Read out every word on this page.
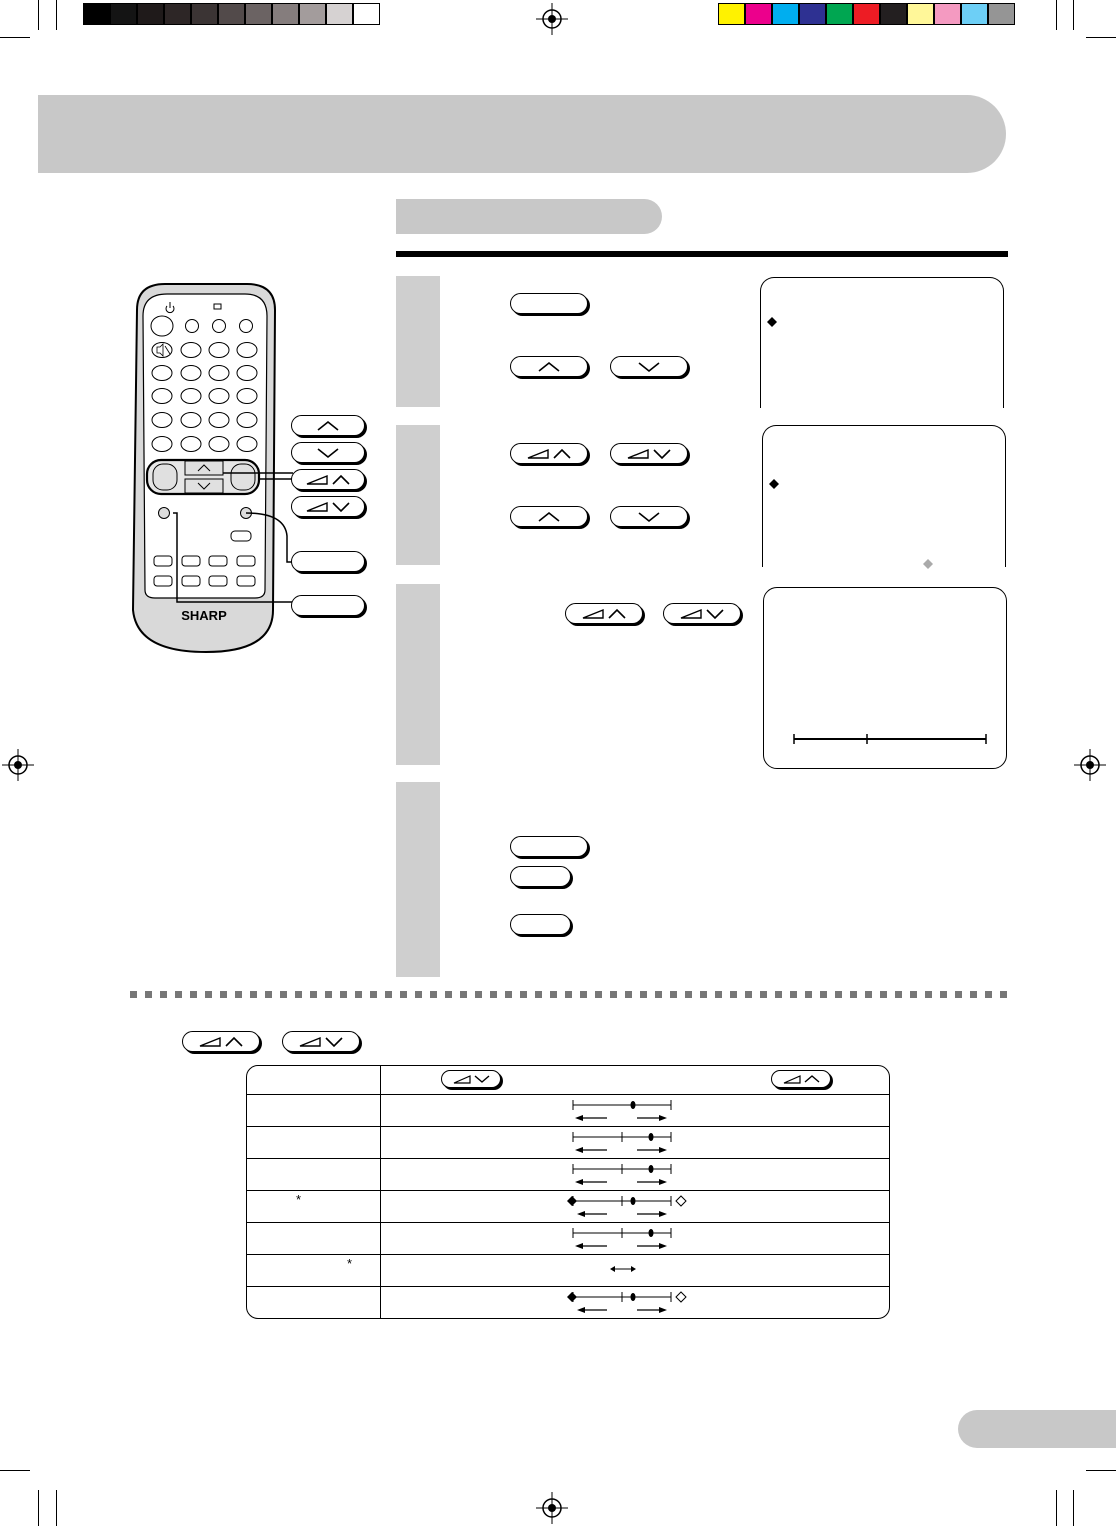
SHARP
*
*
